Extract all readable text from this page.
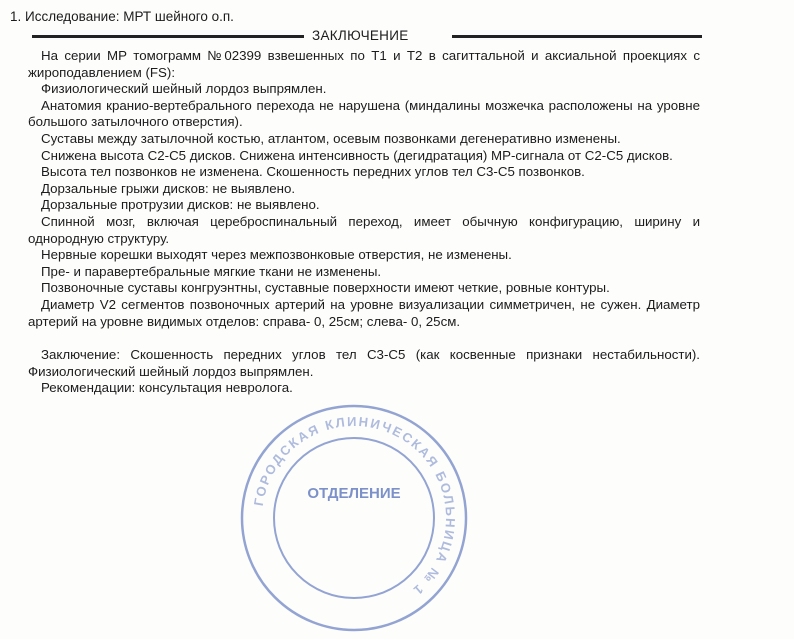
1. Исследование: МРТ шейного о.п.
ЗАКЛЮЧЕНИЕ

На серии МР томограмм №02399 взвешенных по Т1 и Т2 в сагиттальной и аксиальной проекциях с жироподавлением (FS):

Физиологический шейный лордоз выпрямлен.

Анатомия кранио-вертебрального перехода не нарушена (миндалины мозжечка расположены на уровне большого затылочного отверстия).

Суставы между затылочной костью, атлантом, осевым позвонками дегенеративно изменены.

Снижена высота С2-С5 дисков. Снижена интенсивность (дегидратация) МР-сигнала от С2-С5 дисков.

Высота тел позвонков не изменена. Скошенность передних углов тел С3-С5 позвонков.

Дорзальные грыжи дисков: не выявлено.

Дорзальные протрузии дисков: не выявлено.

Спинной мозг, включая цереброспинальный переход, имеет обычную конфигурацию, ширину и однородную структуру.

Нервные корешки выходят через межпозвонковые отверстия, не изменены.

Пре- и паравертебральные мягкие ткани не изменены.

Позвоночные суставы конгруэнтны, суставные поверхности имеют четкие, ровные контуры.

Диаметр V2 сегментов позвоночных артерий на уровне визуализации симметричен, не сужен. Диаметр артерий на уровне видимых отделов: справа- 0, 25см; слева- 0, 25см.

Заключение: Скошенность передних углов тел С3-С5 (как косвенные признаки нестабильности). Физиологический шейный лордоз выпрямлен.

Рекомендации: консультация невролога.

ГОРОДСКАЯ КЛИНИЧЕСКАЯ БОЛЬНИЦА № 1
ОТДЕЛЕНИЕ
